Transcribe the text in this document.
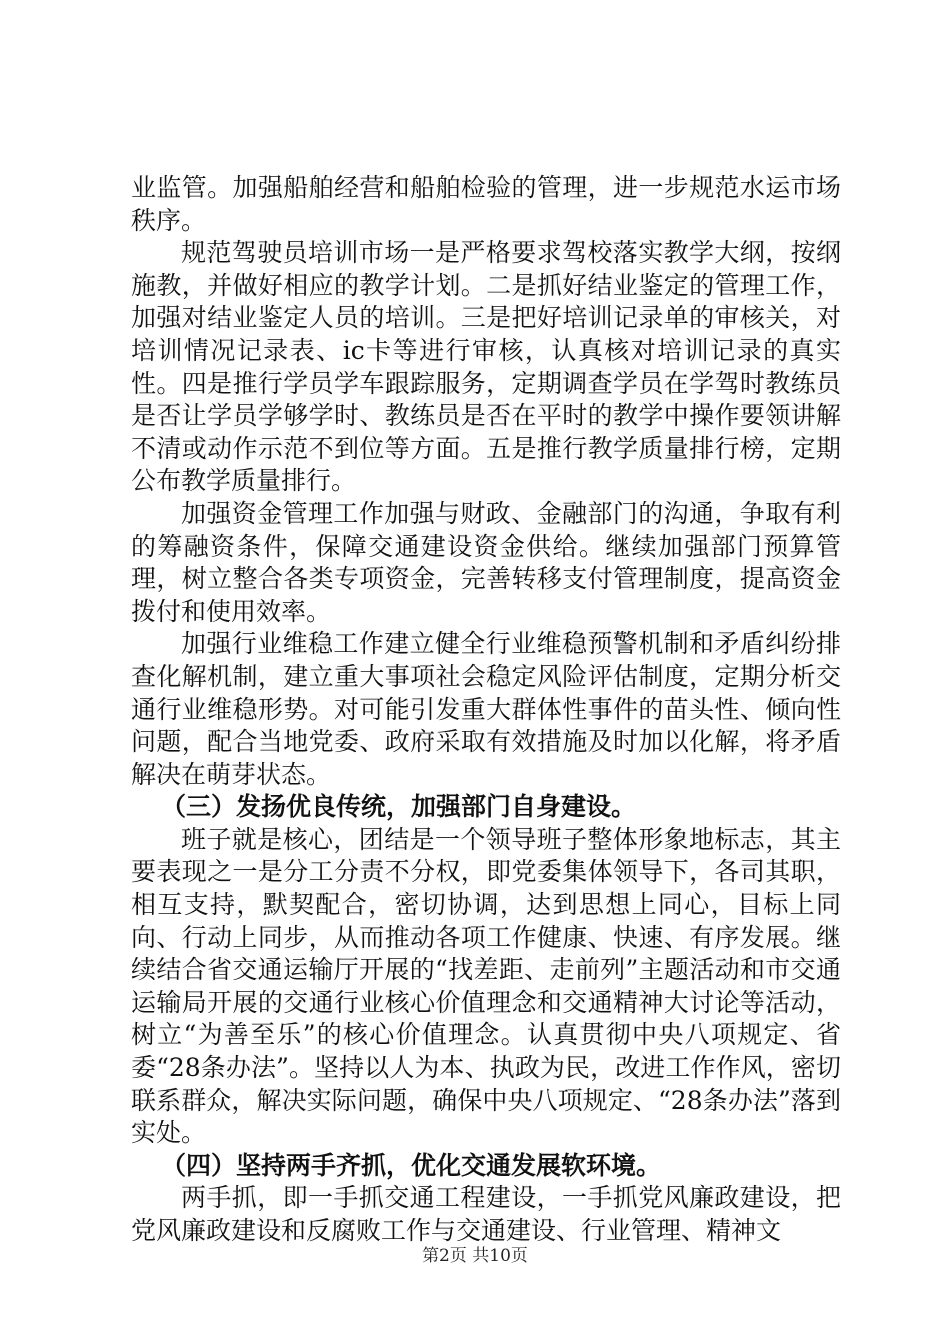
业监管。加强船舶经营和船舶检验的管理，进一步规范水运市场秩序。

规范驾驶员培训市场一是严格要求驾校落实教学大纲，按纲施教，并做好相应的教学计划。二是抓好结业鉴定的管理工作，加强对结业鉴定人员的培训。三是把好培训记录单的审核关，对培训情况记录表、ic卡等进行审核，认真核对培训记录的真实性。四是推行学员学车跟踪服务，定期调查学员在学驾时教练员是否让学员学够学时、教练员是否在平时的教学中操作要领讲解不清或动作示范不到位等方面。五是推行教学质量排行榜，定期公布教学质量排行。

加强资金管理工作加强与财政、金融部门的沟通，争取有利的筹融资条件，保障交通建设资金供给。继续加强部门预算管理，树立整合各类专项资金，完善转移支付管理制度，提高资金拨付和使用效率。

加强行业维稳工作建立健全行业维稳预警机制和矛盾纠纷排查化解机制，建立重大事项社会稳定风险评估制度，定期分析交通行业维稳形势。对可能引发重大群体性事件的苗头性、倾向性问题，配合当地党委、政府采取有效措施及时加以化解，将矛盾解决在萌芽状态。

（三）发扬优良传统，加强部门自身建设。

班子就是核心，团结是一个领导班子整体形象地标志，其主要表现之一是分工分责不分权，即党委集体领导下，各司其职，相互支持，默契配合，密切协调，达到思想上同心，目标上同向、行动上同步，从而推动各项工作健康、快速、有序发展。继续结合省交通运输厅开展的“找差距、走前列”主题活动和市交通运输局开展的交通行业核心价值理念和交通精神大讨论等活动，树立“为善至乐”的核心价值理念。认真贯彻中央八项规定、省委“28条办法”。坚持以人为本、执政为民，改进工作作风，密切联系群众，解决实际问题，确保中央八项规定、“28条办法”落到实处。

（四）坚持两手齐抓，优化交通发展软环境。

两手抓，即一手抓交通工程建设，一手抓党风廉政建设，把党风廉政建设和反腐败工作与交通建设、行业管理、精神文

第2页 共10页
